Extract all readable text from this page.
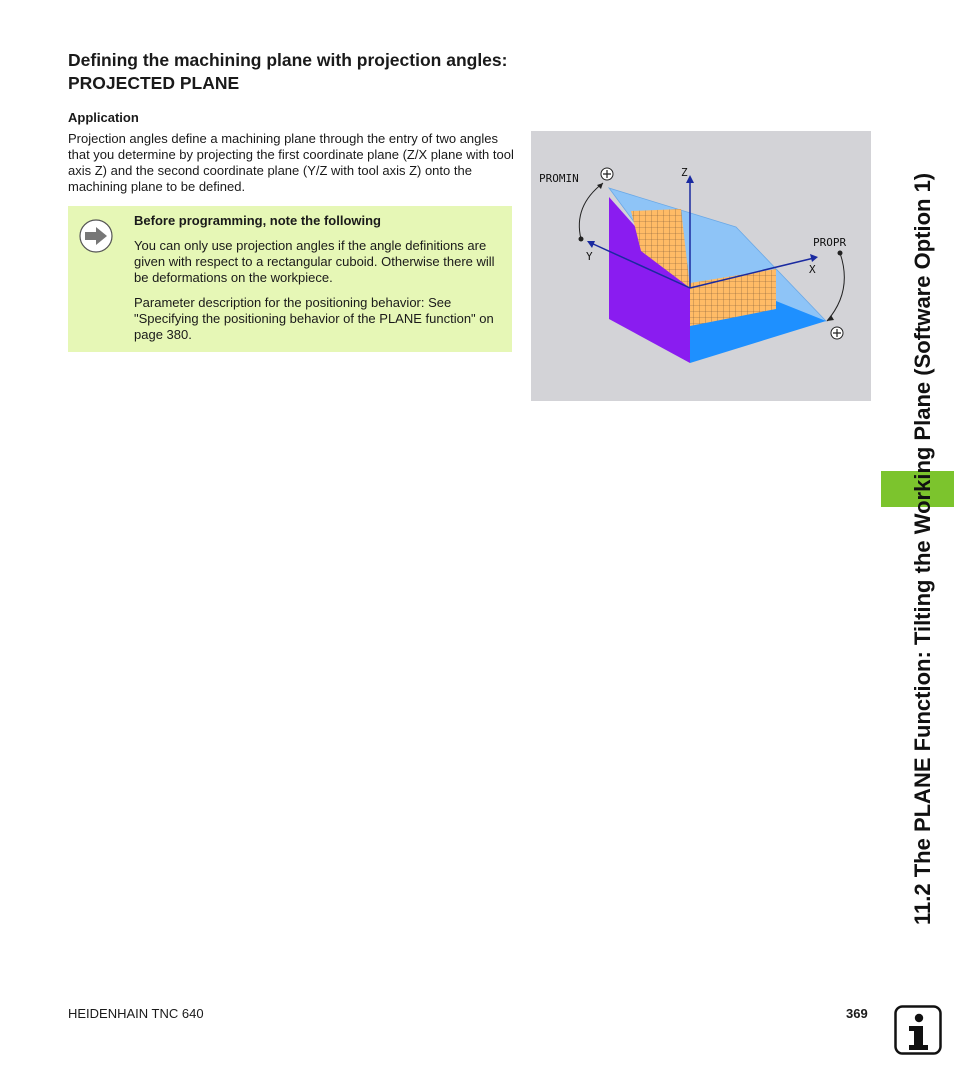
Defining the machining plane with projection angles: PROJECTED PLANE
Application

Projection angles define a machining plane through the entry of two angles that you determine by projecting the first coordinate plane (Z/X plane with tool axis Z) and the second coordinate plane (Y/Z with tool axis Z) onto the machining plane to be defined.

Before programming, note the following

You can only use projection angles if the angle definitions are given with respect to a rectangular cuboid. Otherwise there will be deformations on the workpiece.

Parameter description for the positioning behavior: See "Specifying the positioning behavior of the PLANE function" on page 380.

PROMIN	Z
Y
X
PROPR	11.2 The PLANE Function: Tilting the Working Plane (Software Option 1)
HEIDENHAIN TNC 640	369
